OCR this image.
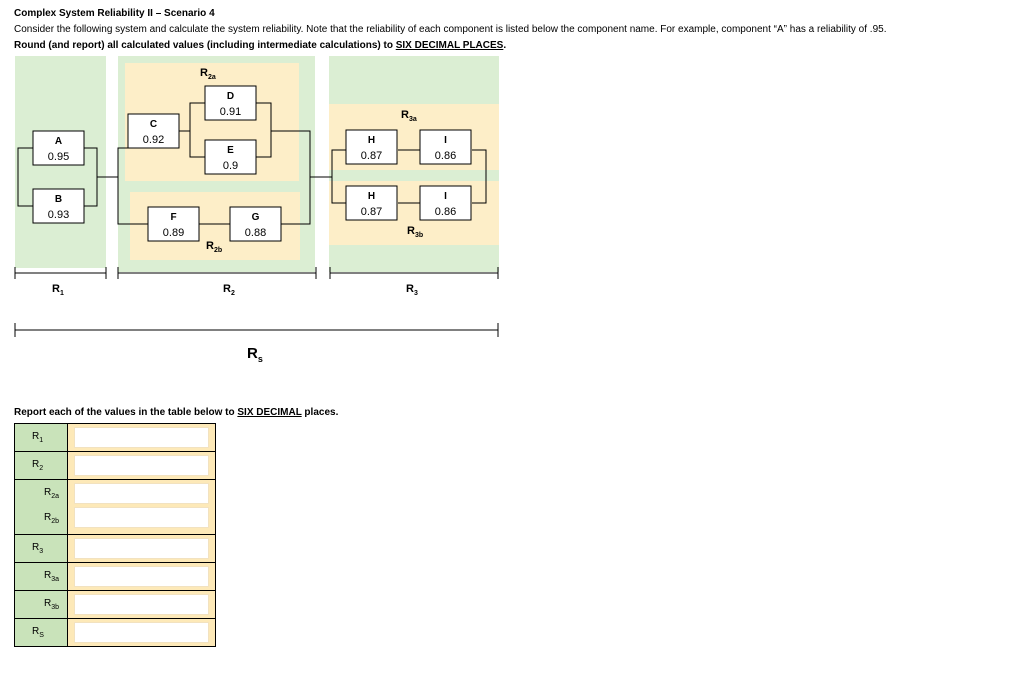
Complex System Reliability II – Scenario 4
Consider the following system and calculate the system reliability. Note that the reliability of each component is listed below the component name. For example, component “A” has a reliability of .95.
Round (and report) all calculated values (including intermediate calculations) to SIX DECIMAL PLACES.
A
0.95
B
0.93
C
0.92
D
0.91
E
0.9
F
0.89
G
0.88
H
0.87
I
0.86
H
0.87
I
0.86
$R_{2a}$
$R_{2b}$
$R_{3a}$
$R_{3b}$
$R_1$	$R_2$	$R_3$
$R_s$
Report each of the values in the table below to SIX DECIMAL places.
$R_1$

$R_2$

$R_{2a}$
$R_{2b}$

$R_3$

$R_{3a}$

$R_{3b}$

$R_S$
